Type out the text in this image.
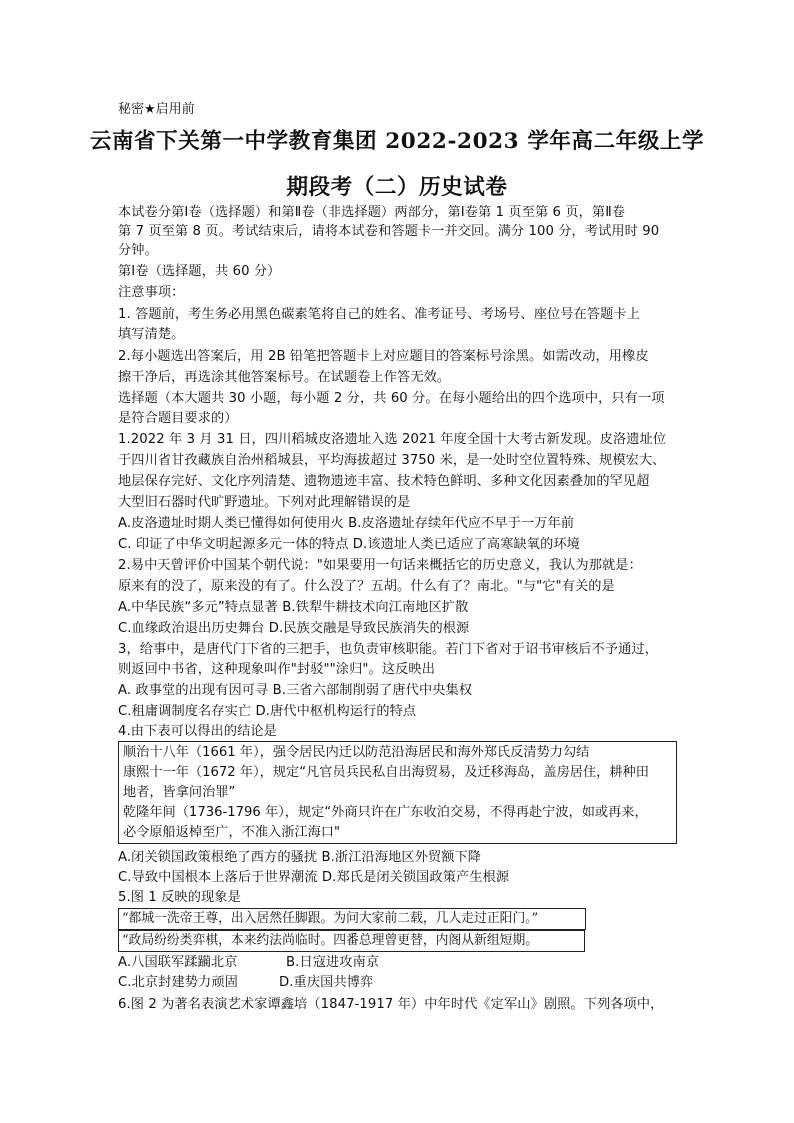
秘密★启用前
云南省下关第一中学教育集团 2022-2023 学年高二年级上学
期段考（二）历史试卷
本试卷分第Ⅰ卷（选择题）和第Ⅱ卷（非选择题）两部分，第Ⅰ卷第 1 页至第 6 页，第Ⅱ卷
第 7 页至第 8 页。考试结束后，请将本试卷和答题卡一并交回。满分 100 分，考试用时 90
分钟。
第Ⅰ卷（选择题，共 60 分）
注意事项：
1. 答题前，考生务必用黑色碳素笔将自己的姓名、准考证号、考场号、座位号在答题卡上
填写清楚。
2.每小题选出答案后，用 2B 铅笔把答题卡上对应题目的答案标号涂黑。如需改动，用橡皮
擦干净后，再选涂其他答案标号。在试题卷上作答无效。
选择题（本大题共 30 小题，每小题 2 分，共 60 分。在每小题给出的四个选项中，只有一项
是符合题目要求的）
1.2022 年 3 月 31 日，四川稻城皮洛遗址入选 2021 年度全国十大考古新发现。皮洛遗址位
于四川省甘孜藏族自治州稻城县，平均海拔超过 3750 米，是一处时空位置特殊、规模宏大、
地层保存完好、文化序列清楚、遗物遗迹丰富、技术特色鲜明、多种文化因素叠加的罕见超
大型旧石器时代旷野遗址。下列对此理解错误的是
A.皮洛遗址时期人类已懂得如何使用火 B.皮洛遗址存续年代应不早于一万年前
C. 印证了中华文明起源多元一体的特点 D.该遗址人类已适应了高寒缺氧的环境
2.易中天曾评价中国某个朝代说："如果要用一句话来概括它的历史意义，我认为那就是：
原来有的没了，原来没的有了。什么没了？五胡。什么有了？南北。"与"它"有关的是
A.中华民族“多元”特点显著 B.铁犁牛耕技术向江南地区扩散
C.血缘政治退出历史舞台 D.民族交融是导致民族消失的根源
3，给事中，是唐代门下省的三把手，也负责审核职能。若门下省对于诏书审核后不予通过，
则返回中书省，这种现象叫作"封驳""涂归"。这反映出
A. 政事堂的出现有因可寻 B.三省六部制削弱了唐代中央集权
C.租庸调制度名存实亡 D.唐代中枢机构运行的特点
4.由下表可以得出的结论是
顺治十八年（1661 年），强令居民内迁以防范沿海居民和海外郑氏反清势力勾结
康熙十一年（1672 年），规定“凡官员兵民私自出海贸易，及迁移海岛，盖房居住，耕种田
地者，皆拿问治罪”
乾隆年间（1736-1796 年），规定“外商只许在广东收泊交易，不得再赴宁波，如或再来，
必令原船返棹至广，不准入浙江海口"
A.闭关锁国政策根绝了西方的骚扰 B.浙江沿海地区外贸额下降
C.导致中国根本上落后于世界潮流 D.郑氏是闭关锁国政策产生根源
5.图 1 反映的现象是
“都城一洗帝王尊，出入居然任脚跟。为问大家前二载，几人走过正阳门。”
“政局纷纷类弈棋，本来约法尚临时。四番总理曾更替，内阁从新组短期。
A.八国联军蹂躏北京	B.日寇进攻南京
C.北京封建势力顽固	D.重庆国共博弈
6.图 2 为著名表演艺术家谭鑫培（1847-1917 年）中年时代《定军山》剧照。下列各项中，
